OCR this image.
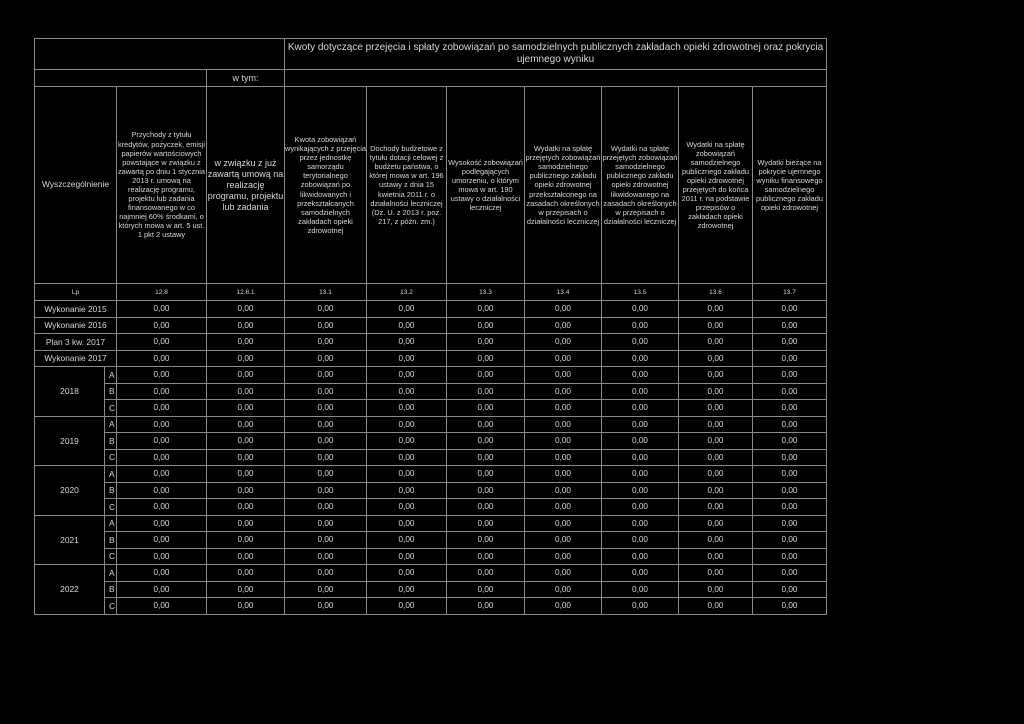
				Kwoty dotyczące przejęcia i spłaty zobowiązań po samodzielnych publicznych zakładach opieki zdrowotnej oraz pokrycia ujemnego wyniku						
			w tym:							
Wyszczególnienie		Przychody z tytułu kredytów, pożyczek, emisji papierów wartościowych powstające w związku z zawartą po dniu 1 stycznia 2013 r. umową na realizację programu, projektu lub zadania finansowanego w co najmniej 60% środkami, o których mowa w art. 5 ust. 1 pkt 2 ustawy	w związku z już zawartą umową na realizację programu, projektu lub zadania	Kwota zobowiązań wynikających z przejęcia przez jednostkę samorządu terytorialnego zobowiązań po likwidowanych i przekształcanych samodzielnych zakładach opieki zdrowotnej	Dochody budżetowe z tytułu dotacji celowej z budżetu państwa, o której mowa w art. 196 ustawy z dnia 15 kwietnia 2011 r. o działalności leczniczej (Dz. U. z 2013 r. poz. 217, z późn. zm.)	Wysokość zobowiązań podlegających umorzeniu, o którym mowa w art. 190 ustawy o działalności leczniczej	Wydatki na spłatę przejętych zobowiązań samodzielnego publicznego zakładu opieki zdrowotnej przekształconego na zasadach określonych w przepisach o działalności leczniczej	Wydatki na spłatę przejętych zobowiązań samodzielnego publicznego zakładu opieki zdrowotnej likwidowanego na zasadach określonych w przepisach o działalności leczniczej	Wydatki na spłatę zobowiązań samodzielnego publicznego zakładu opieki zdrowotnej przejętych do końca 2011 r. na podstawie przepisów o zakładach opieki zdrowotnej	Wydatki bieżące na pokrycie ujemnego wyniku finansowego samodzielnego publicznego zakładu opieki zdrowotnej
Lp		12.8	12.8.1	13.1	13.2	13.3	13.4	13.5	13.6	13.7
Wykonanie 2015		0,00	0,00	0,00	0,00	0,00	0,00	0,00	0,00	0,00
Wykonanie 2016		0,00	0,00	0,00	0,00	0,00	0,00	0,00	0,00	0,00
Plan 3 kw. 2017		0,00	0,00	0,00	0,00	0,00	0,00	0,00	0,00	0,00
Wykonanie 2017		0,00	0,00	0,00	0,00	0,00	0,00	0,00	0,00	0,00
2018	A	0,00	0,00	0,00	0,00	0,00	0,00	0,00	0,00	0,00
	B	0,00	0,00	0,00	0,00	0,00	0,00	0,00	0,00	0,00
	C	0,00	0,00	0,00	0,00	0,00	0,00	0,00	0,00	0,00
2019	A	0,00	0,00	0,00	0,00	0,00	0,00	0,00	0,00	0,00
	B	0,00	0,00	0,00	0,00	0,00	0,00	0,00	0,00	0,00
	C	0,00	0,00	0,00	0,00	0,00	0,00	0,00	0,00	0,00
2020	A	0,00	0,00	0,00	0,00	0,00	0,00	0,00	0,00	0,00
	B	0,00	0,00	0,00	0,00	0,00	0,00	0,00	0,00	0,00
	C	0,00	0,00	0,00	0,00	0,00	0,00	0,00	0,00	0,00
2021	A	0,00	0,00	0,00	0,00	0,00	0,00	0,00	0,00	0,00
	B	0,00	0,00	0,00	0,00	0,00	0,00	0,00	0,00	0,00
	C	0,00	0,00	0,00	0,00	0,00	0,00	0,00	0,00	0,00
2022	A	0,00	0,00	0,00	0,00	0,00	0,00	0,00	0,00	0,00
	B	0,00	0,00	0,00	0,00	0,00	0,00	0,00	0,00	0,00
	C	0,00	0,00	0,00	0,00	0,00	0,00	0,00	0,00	0,00
